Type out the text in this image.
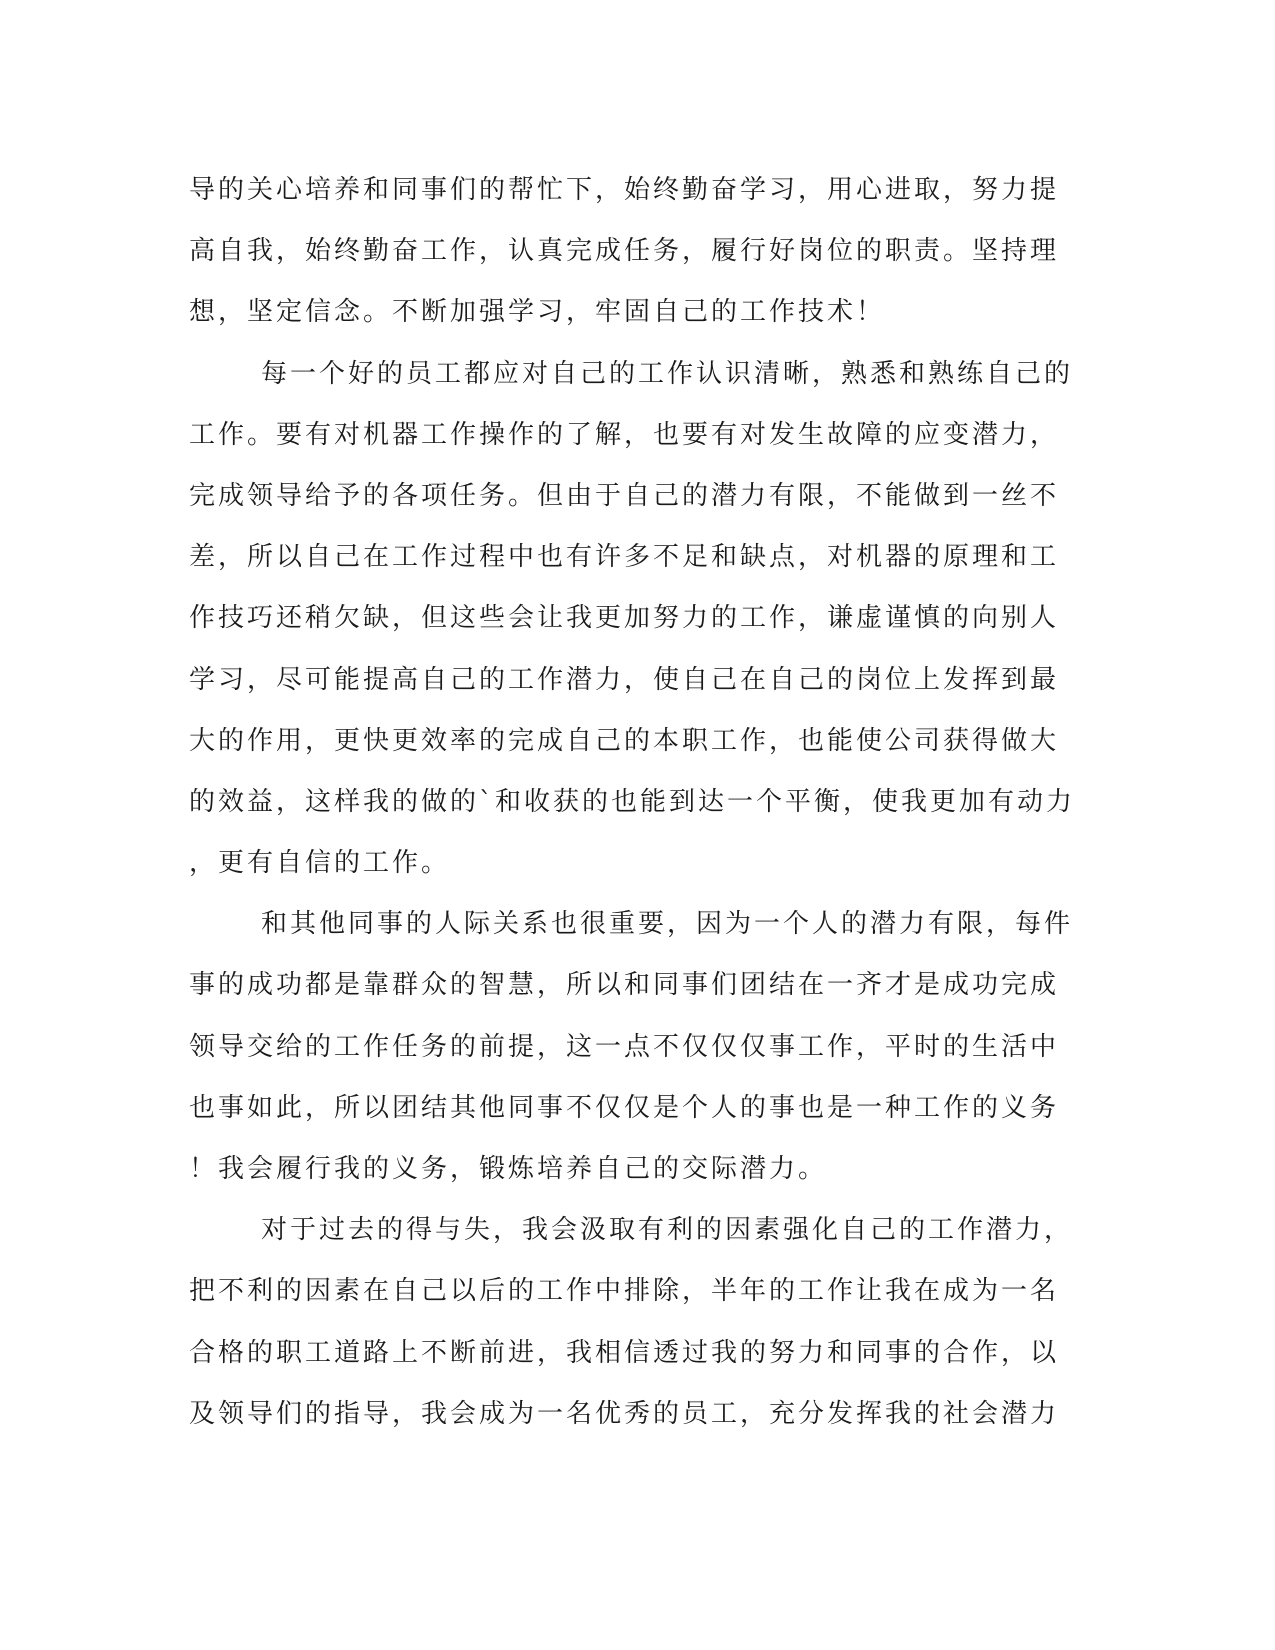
导的关心培养和同事们的帮忙下，始终勤奋学习，用心进取，努力提
高自我，始终勤奋工作，认真完成任务，履行好岗位的职责。坚持理
想，坚定信念。不断加强学习，牢固自己的工作技术！
每一个好的员工都应对自己的工作认识清晰，熟悉和熟练自己的
工作。要有对机器工作操作的了解，也要有对发生故障的应变潜力，
完成领导给予的各项任务。但由于自己的潜力有限，不能做到一丝不
差，所以自己在工作过程中也有许多不足和缺点，对机器的原理和工
作技巧还稍欠缺，但这些会让我更加努力的工作，谦虚谨慎的向别人
学习，尽可能提高自己的工作潜力，使自己在自己的岗位上发挥到最
大的作用，更快更效率的完成自己的本职工作，也能使公司获得做大
的效益，这样我的做的`和收获的也能到达一个平衡，使我更加有动力
，更有自信的工作。
和其他同事的人际关系也很重要，因为一个人的潜力有限，每件
事的成功都是靠群众的智慧，所以和同事们团结在一齐才是成功完成
领导交给的工作任务的前提，这一点不仅仅仅事工作，平时的生活中
也事如此，所以团结其他同事不仅仅是个人的事也是一种工作的义务
！我会履行我的义务，锻炼培养自己的交际潜力。
对于过去的得与失，我会汲取有利的因素强化自己的工作潜力，
把不利的因素在自己以后的工作中排除，半年的工作让我在成为一名
合格的职工道路上不断前进，我相信透过我的努力和同事的合作，以
及领导们的指导，我会成为一名优秀的员工，充分发挥我的社会潜力
